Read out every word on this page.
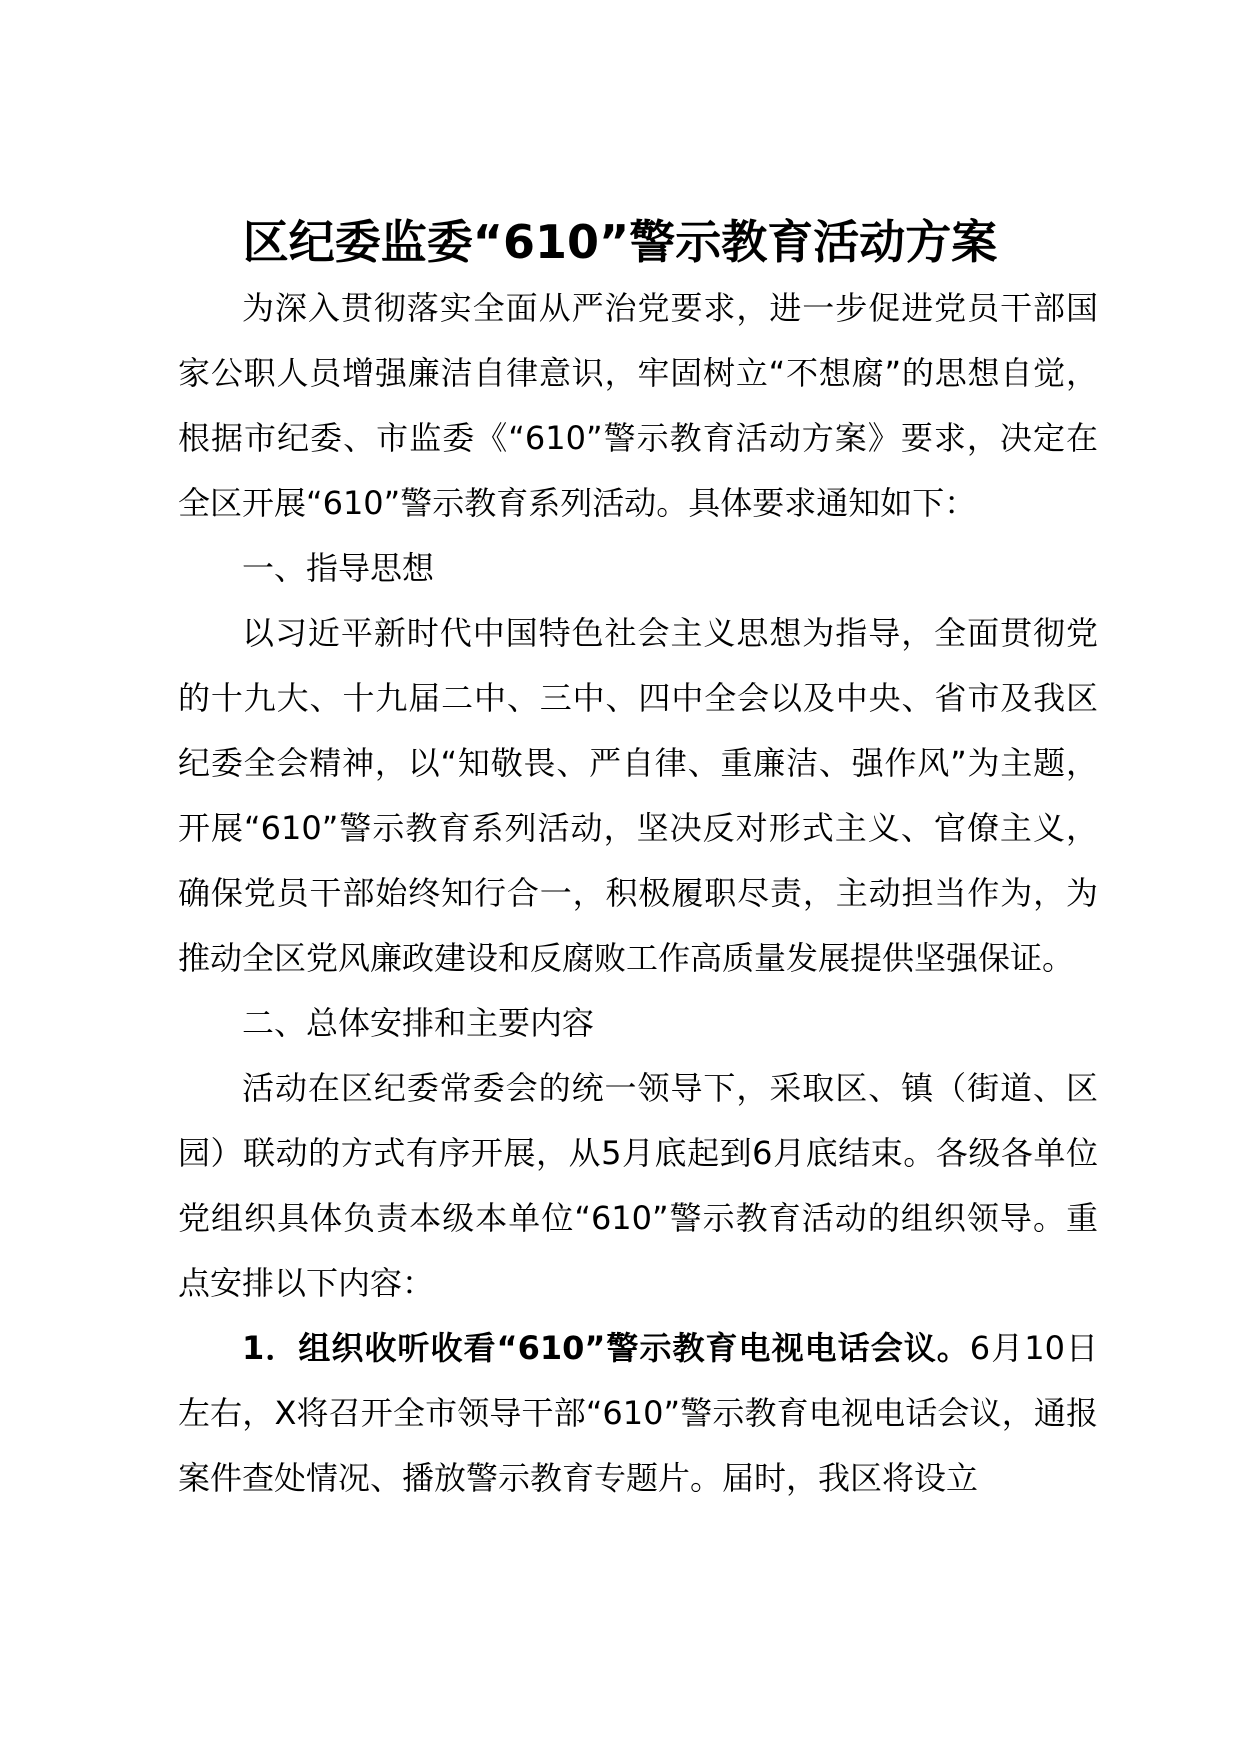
区纪委监委“610”警示教育活动方案

为深入贯彻落实全面从严治党要求，进一步促进党员干部国家公职人员增强廉洁自律意识，牢固树立“不想腐”的思想自觉，根据市纪委、市监委《“610”警示教育活动方案》要求，决定在全区开展“610”警示教育系列活动。具体要求通知如下：

一、指导思想

以习近平新时代中国特色社会主义思想为指导，全面贯彻党的十九大、十九届二中、三中、四中全会以及中央、省市及我区纪委全会精神，以“知敬畏、严自律、重廉洁、强作风”为主题，开展“610”警示教育系列活动，坚决反对形式主义、官僚主义，确保党员干部始终知行合一，积极履职尽责，主动担当作为，为推动全区党风廉政建设和反腐败工作高质量发展提供坚强保证。

二、总体安排和主要内容

活动在区纪委常委会的统一领导下，采取区、镇（街道、区园）联动的方式有序开展，从5月底起到6月底结束。各级各单位党组织具体负责本级本单位“610”警示教育活动的组织领导。重点安排以下内容：

1．组织收听收看“610”警示教育电视电话会议。6月10日左右，X将召开全市领导干部“610”警示教育电视电话会议，通报案件查处情况、播放警示教育专题片。届时，我区将设立
